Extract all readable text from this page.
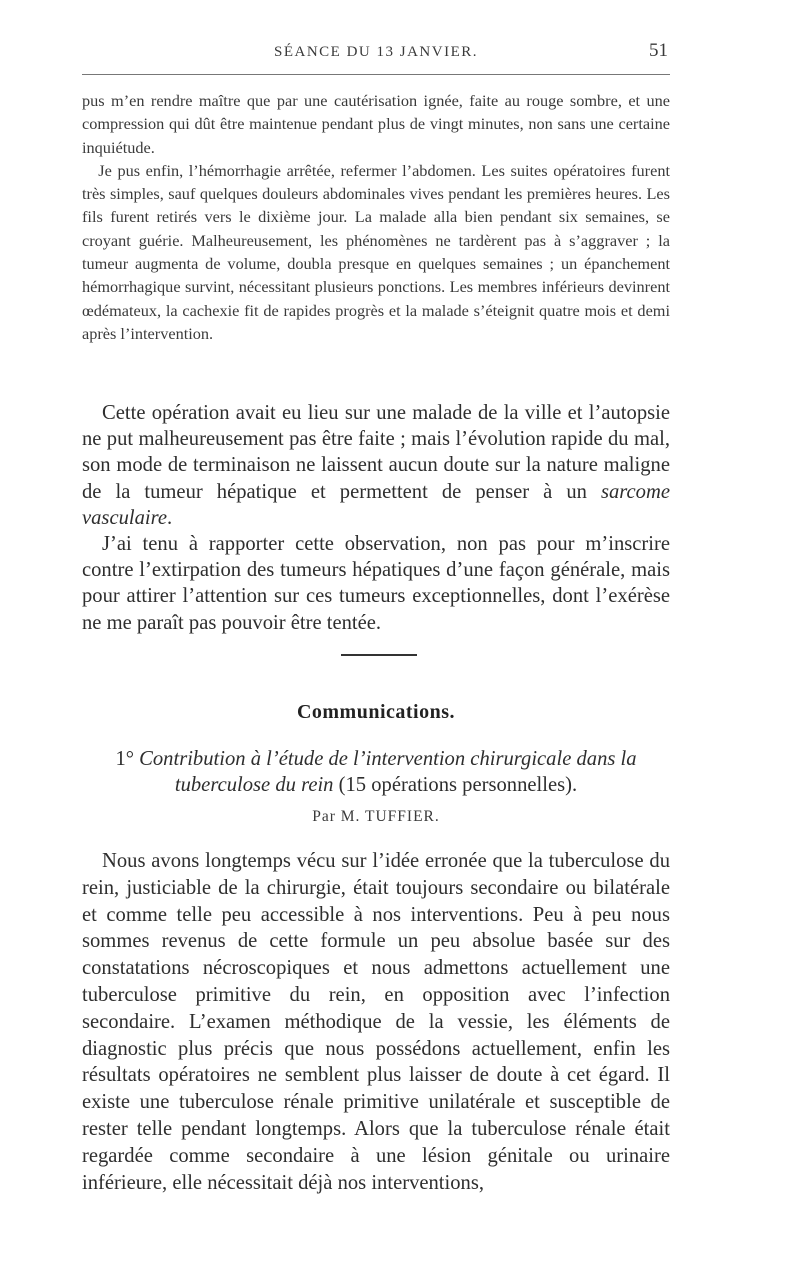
SÉANCE DU 13 JANVIER.	51

pus m’en rendre maître que par une cautérisation ignée, faite au rouge sombre, et une compression qui dût être maintenue pendant plus de vingt minutes, non sans une certaine inquiétude.

Je pus enfin, l’hémorrhagie arrêtée, refermer l’abdomen. Les suites opératoires furent très simples, sauf quelques douleurs abdominales vives pendant les premières heures. Les fils furent retirés vers le dixième jour. La malade alla bien pendant six semaines, se croyant guérie. Malheureusement, les phénomènes ne tardèrent pas à s’aggraver ; la tumeur augmenta de volume, doubla presque en quelques semaines ; un épanchement hémorrhagique survint, nécessitant plusieurs ponctions. Les membres inférieurs devinrent œdémateux, la cachexie fit de rapides progrès et la malade s’éteignit quatre mois et demi après l’intervention.

Cette opération avait eu lieu sur une malade de la ville et l’autopsie ne put malheureusement pas être faite ; mais l’évolution rapide du mal, son mode de terminaison ne laissent aucun doute sur la nature maligne de la tumeur hépatique et permettent de penser à un sarcome vasculaire.

J’ai tenu à rapporter cette observation, non pas pour m’inscrire contre l’extirpation des tumeurs hépatiques d’une façon générale, mais pour attirer l’attention sur ces tumeurs exceptionnelles, dont l’exérèse ne me paraît pas pouvoir être tentée.

Communications.
1° Contribution à l’étude de l’intervention chirurgicale dans la tuberculose du rein (15 opérations personnelles).
Par M. TUFFIER.

Nous avons longtemps vécu sur l’idée erronée que la tuberculose du rein, justiciable de la chirurgie, était toujours secondaire ou bilatérale et comme telle peu accessible à nos interventions. Peu à peu nous sommes revenus de cette formule un peu absolue basée sur des constatations nécroscopiques et nous admettons actuellement une tuberculose primitive du rein, en opposition avec l’infection secondaire. L’examen méthodique de la vessie, les éléments de diagnostic plus précis que nous possédons actuellement, enfin les résultats opératoires ne semblent plus laisser de doute à cet égard. Il existe une tuberculose rénale primitive unilatérale et susceptible de rester telle pendant longtemps. Alors que la tuberculose rénale était regardée comme secondaire à une lésion génitale ou urinaire inférieure, elle nécessitait déjà nos interventions,
